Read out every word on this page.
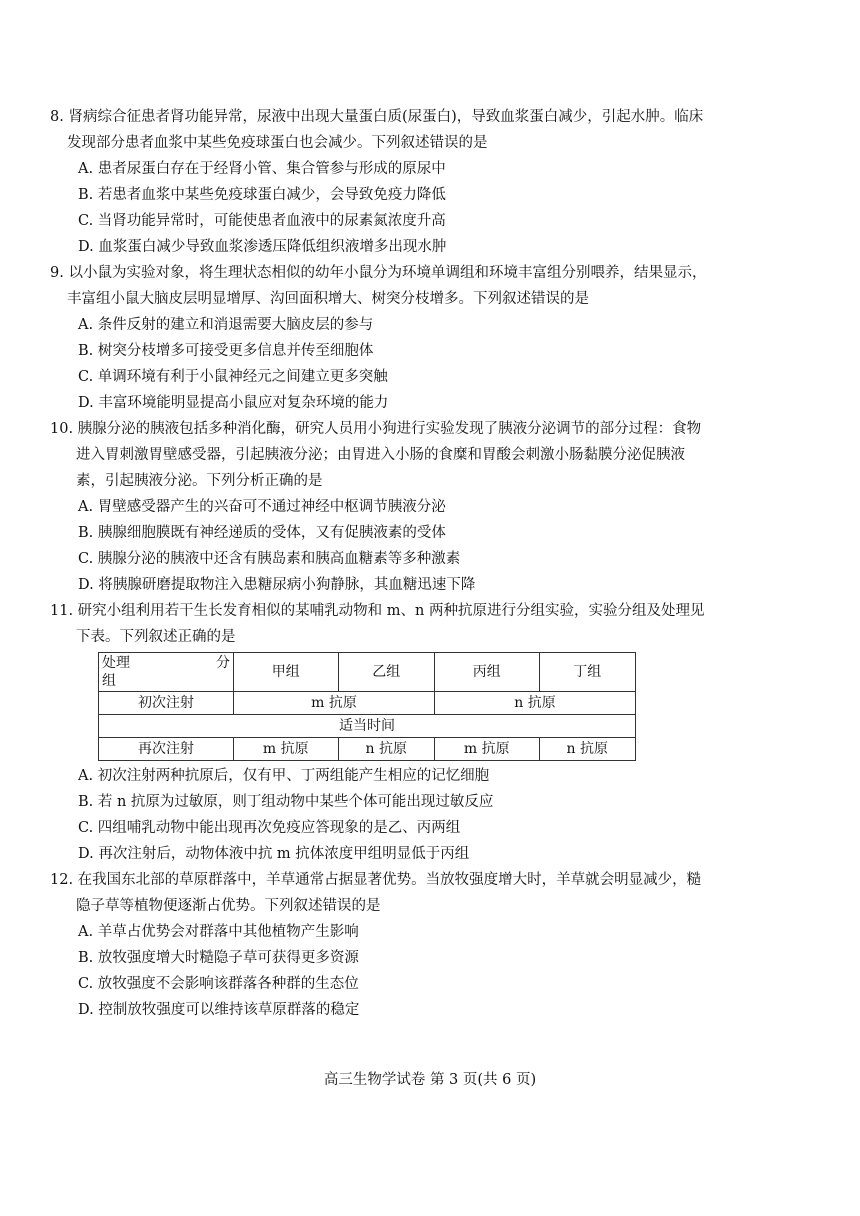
8. 肾病综合征患者肾功能异常，尿液中出现大量蛋白质(尿蛋白)，导致血浆蛋白减少，引起水肿。临床发现部分患者血浆中某些免疫球蛋白也会减少。下列叙述错误的是

A. 患者尿蛋白存在于经肾小管、集合管参与形成的原尿中

B. 若患者血浆中某些免疫球蛋白减少，会导致免疫力降低

C. 当肾功能异常时，可能使患者血液中的尿素氮浓度升高

D. 血浆蛋白减少导致血浆渗透压降低组织液增多出现水肿

9. 以小鼠为实验对象，将生理状态相似的幼年小鼠分为环境单调组和环境丰富组分别喂养，结果显示，丰富组小鼠大脑皮层明显增厚、沟回面积增大、树突分枝增多。下列叙述错误的是

A. 条件反射的建立和消退需要大脑皮层的参与

B. 树突分枝增多可接受更多信息并传至细胞体

C. 单调环境有利于小鼠神经元之间建立更多突触

D. 丰富环境能明显提高小鼠应对复杂环境的能力

10. 胰腺分泌的胰液包括多种消化酶，研究人员用小狗进行实验发现了胰液分泌调节的部分过程：食物进入胃刺激胃壁感受器，引起胰液分泌；由胃进入小肠的食糜和胃酸会刺激小肠黏膜分泌促胰液素，引起胰液分泌。下列分析正确的是

A. 胃壁感受器产生的兴奋可不通过神经中枢调节胰液分泌

B. 胰腺细胞膜既有神经递质的受体，又有促胰液素的受体

C. 胰腺分泌的胰液中还含有胰岛素和胰高血糖素等多种激素

D. 将胰腺研磨提取物注入患糖尿病小狗静脉，其血糖迅速下降

11. 研究小组利用若干生长发育相似的某哺乳动物和 m、n 两种抗原进行分组实验，实验分组及处理见下表。下列叙述正确的是

处理 分
组	甲组	乙组	丙组	丁组
初次注射	m 抗原		n 抗原	
适当时间				
再次注射	m 抗原	n 抗原	m 抗原	n 抗原

A. 初次注射两种抗原后，仅有甲、丁两组能产生相应的记忆细胞

B. 若 n 抗原为过敏原，则丁组动物中某些个体可能出现过敏反应

C. 四组哺乳动物中能出现再次免疫应答现象的是乙、丙两组

D. 再次注射后，动物体液中抗 m 抗体浓度甲组明显低于丙组

12. 在我国东北部的草原群落中，羊草通常占据显著优势。当放牧强度增大时，羊草就会明显减少，糙隐子草等植物便逐渐占优势。下列叙述错误的是

A. 羊草占优势会对群落中其他植物产生影响

B. 放牧强度增大时糙隐子草可获得更多资源

C. 放牧强度不会影响该群落各种群的生态位

D. 控制放牧强度可以维持该草原群落的稳定

高三生物学试卷 第 3 页(共 6 页)
